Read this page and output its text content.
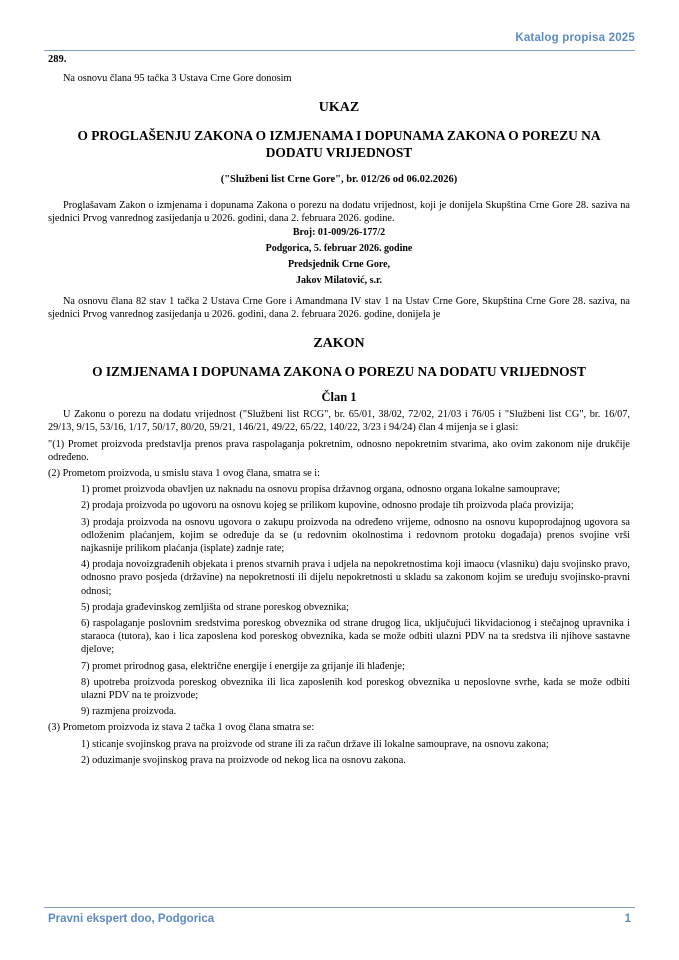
Katalog propisa 2025

289.

Na osnovu člana 95 tačka 3 Ustava Crne Gore donosim

UKAZ

O PROGLAŠENJU ZAKONA O IZMJENAMA I DOPUNAMA ZAKONA O POREZU NA DODATU VRIJEDNOST

("Službeni list Crne Gore", br. 012/26 od 06.02.2026)

Proglašavam Zakon o izmjenama i dopunama Zakona o porezu na dodatu vrijednost, koji je donijela Skupština Crne Gore 28. saziva na sjednici Prvog vanrednog zasijedanja u 2026. godini, dana 2. februara 2026. godine.

Broj: 01-009/26-177/2

Podgorica, 5. februar 2026. godine

Predsjednik Crne Gore,

Jakov Milatović, s.r.

Na osnovu člana 82 stav 1 tačka 2 Ustava Crne Gore i Amandmana IV stav 1 na Ustav Crne Gore, Skupština Crne Gore 28. saziva, na sjednici Prvog vanrednog zasijedanja u 2026. godini, dana 2. februara 2026. godine, donijela je

ZAKON

O IZMJENAMA I DOPUNAMA ZAKONA O POREZU NA DODATU VRIJEDNOST

Član 1

U Zakonu o porezu na dodatu vrijednost ("Službeni list RCG", br. 65/01, 38/02, 72/02, 21/03 i 76/05 i "Službeni list CG", br. 16/07, 29/13, 9/15, 53/16, 1/17, 50/17, 80/20, 59/21, 146/21, 49/22, 65/22, 140/22, 3/23 i 94/24) član 4 mijenja se i glasi:

"(1) Promet proizvoda predstavlja prenos prava raspolaganja pokretnim, odnosno nepokretnim stvarima, ako ovim zakonom nije drukčije određeno.

(2) Prometom proizvoda, u smislu stava 1 ovog člana, smatra se i:

1) promet proizvoda obavljen uz naknadu na osnovu propisa državnog organa, odnosno organa lokalne samouprave;

2) prodaja proizvoda po ugovoru na osnovu kojeg se prilikom kupovine, odnosno prodaje tih proizvoda plaća provizija;

3) prodaja proizvoda na osnovu ugovora o zakupu proizvoda na određeno vrijeme, odnosno na osnovu kupoprodajnog ugovora sa odloženim plaćanjem, kojim se određuje da se (u redovnim okolnostima i redovnom protoku događaja) prenos svojine vrši najkasnije prilikom plaćanja (isplate) zadnje rate;

4) prodaja novoizgrađenih objekata i prenos stvarnih prava i udjela na nepokretnostima koji imaocu (vlasniku) daju svojinsko pravo, odnosno pravo posjeda (državine) na nepokretnosti ili dijelu nepokretnosti u skladu sa zakonom kojim se uređuju svojinsko-pravni odnosi;

5) prodaja građevinskog zemljišta od strane poreskog obveznika;

6) raspolaganje poslovnim sredstvima poreskog obveznika od strane drugog lica, uključujući likvidacionog i stečajnog upravnika i staraoca (tutora), kao i lica zaposlena kod poreskog obveznika, kada se može odbiti ulazni PDV na ta sredstva ili njihove sastavne djelove;

7) promet prirodnog gasa, električne energije i energije za grijanje ili hlađenje;

8) upotreba proizvoda poreskog obveznika ili lica zaposlenih kod poreskog obveznika u neposlovne svrhe, kada se može odbiti ulazni PDV na te proizvode;

9) razmjena proizvoda.

(3) Prometom proizvoda iz stava 2 tačka 1 ovog člana smatra se:

1) sticanje svojinskog prava na proizvode od strane ili za račun države ili lokalne samouprave, na osnovu zakona;

2) oduzimanje svojinskog prava na proizvode od nekog lica na osnovu zakona.

Pravni ekspert doo, Podgorica	1
